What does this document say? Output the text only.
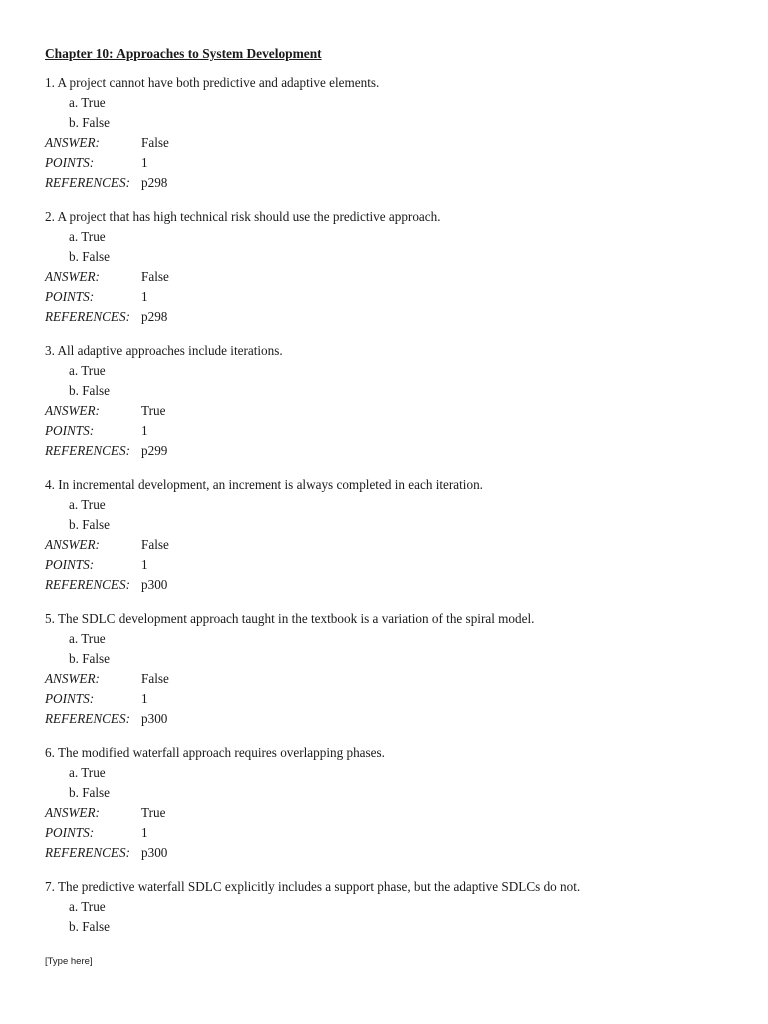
Chapter 10: Approaches to System Development
1. A project cannot have both predictive and adaptive elements.
a. True
b. False
ANSWER:	False
POINTS:	1
REFERENCES: p298
2. A project that has high technical risk should use the predictive approach.
a. True
b. False
ANSWER:	False
POINTS:	1
REFERENCES: p298
3. All adaptive approaches include iterations.
a. True
b. False
ANSWER:	True
POINTS:	1
REFERENCES: p299
4. In incremental development, an increment is always completed in each iteration.
a. True
b. False
ANSWER:	False
POINTS:	1
REFERENCES: p300
5. The SDLC development approach taught in the textbook is a variation of the spiral model.
a. True
b. False
ANSWER:	False
POINTS:	1
REFERENCES: p300
6. The modified waterfall approach requires overlapping phases.
a. True
b. False
ANSWER:	True
POINTS:	1
REFERENCES: p300
7. The predictive waterfall SDLC explicitly includes a support phase, but the adaptive SDLCs do not.
a. True
b. False
[Type here]
